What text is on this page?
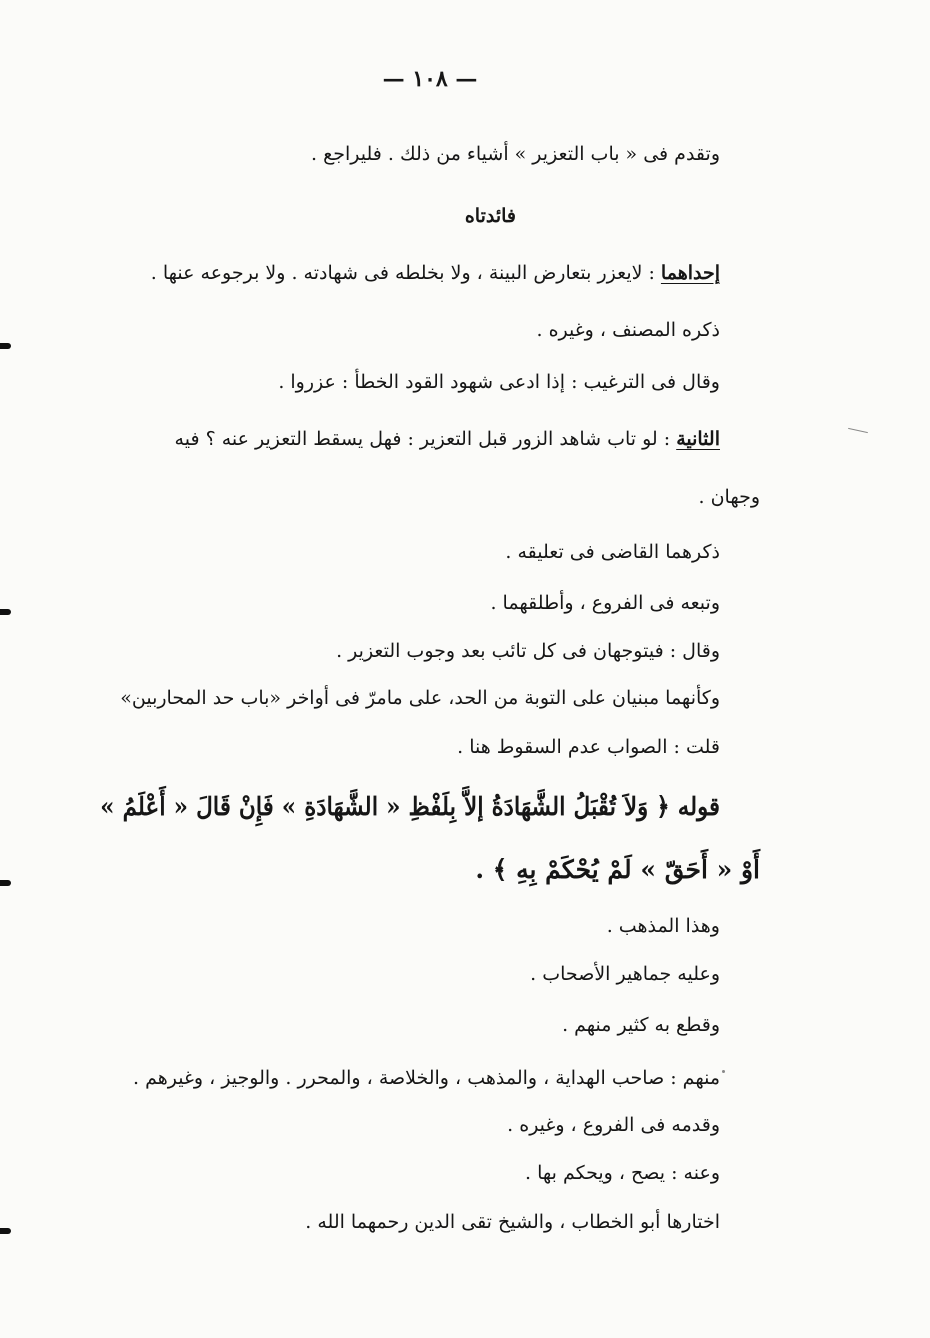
— ١٠٨ —
وتقدم فى « باب التعزير » أشياء من ذلك . فليراجع .
فائدتاه
إحداهما : لايعزر بتعارض البينة ، ولا بخلطه فى شهادته . ولا برجوعه عنها .
ذكره المصنف ، وغيره .
وقال فى الترغيب : إذا ادعى شهود القود الخطأ : عزروا .
الثانية : لو تاب شاهد الزور قبل التعزير : فهل يسقط التعزير عنه ؟ فيه
وجهان .
ذكرهما القاضى فى تعليقه .
وتبعه فى الفروع ، وأطلقهما .
وقال : فيتوجهان فى كل تائب بعد وجوب التعزير .
وكأنهما مبنيان على التوبة من الحد، على مامرّ فى أواخر «باب حد المحاربين»
قلت : الصواب عدم السقوط هنا .
قوله ﴿ وَلاَ تُقْبَلُ الشَّهَادَةُ إلاَّ بِلَفْظِ « الشَّهَادَةِ » فَإِنْ قَالَ « أَعْلَمُ »
أَوْ « أَحَقّ » لَمْ يُحْكَمْ بِهِ ﴾ .
وهذا المذهب .
وعليه جماهير الأصحاب .
وقطع به كثير منهم .
منهم : صاحب الهداية ، والمذهب ، والخلاصة ، والمحرر . والوجيز ، وغيرهم .
وقدمه فى الفروع ، وغيره .
وعنه : يصح ، ويحكم بها .
اختارها أبو الخطاب ، والشيخ تقى الدين رحمهما الله .
